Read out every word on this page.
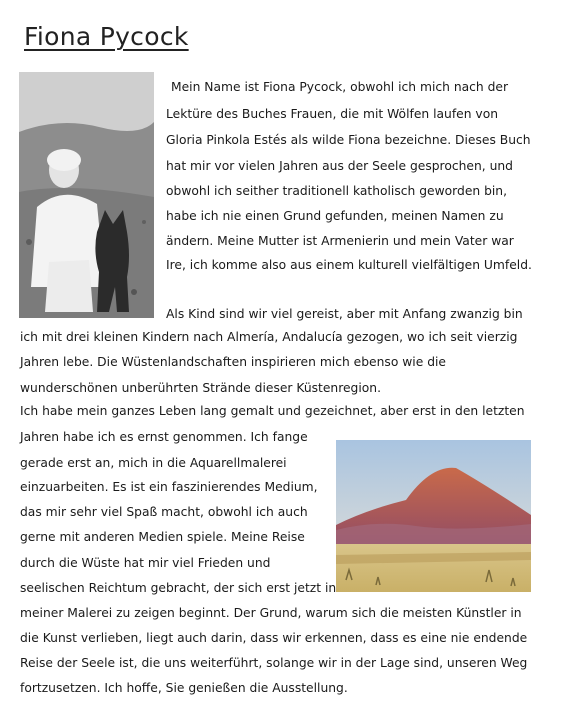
Fiona Pycock
Mein Name ist Fiona Pycock, obwohl ich mich nach der
Lektüre des Buches Frauen, die mit Wölfen laufen von
Gloria Pinkola Estés als wilde Fiona bezeichne. Dieses Buch
hat mir vor vielen Jahren aus der Seele gesprochen, und
obwohl ich seither traditionell katholisch geworden bin,
habe ich nie einen Grund gefunden, meinen Namen zu
ändern. Meine Mutter ist Armenierin und mein Vater war
Ire, ich komme also aus einem kulturell vielfältigen Umfeld.
Als Kind sind wir viel gereist, aber mit Anfang zwanzig bin
ich mit drei kleinen Kindern nach Almería, Andalucía gezogen, wo ich seit vierzig
Jahren lebe. Die Wüstenlandschaften inspirieren mich ebenso wie die
wunderschönen unberührten Strände dieser Küstenregion.
Ich habe mein ganzes Leben lang gemalt und gezeichnet, aber erst in den letzten
Jahren habe ich es ernst genommen. Ich fange
gerade erst an, mich in die Aquarellmalerei
einzuarbeiten. Es ist ein faszinierendes Medium,
das mir sehr viel Spaß macht, obwohl ich auch
gerne mit anderen Medien spiele. Meine Reise
durch die Wüste hat mir viel Frieden und
seelischen Reichtum gebracht, der sich erst jetzt in
meiner Malerei zu zeigen beginnt. Der Grund, warum sich die meisten Künstler in
die Kunst verlieben, liegt auch darin, dass wir erkennen, dass es eine nie endende
Reise der Seele ist, die uns weiterführt, solange wir in der Lage sind, unseren Weg
fortzusetzen. Ich hoffe, Sie genießen die Ausstellung.
